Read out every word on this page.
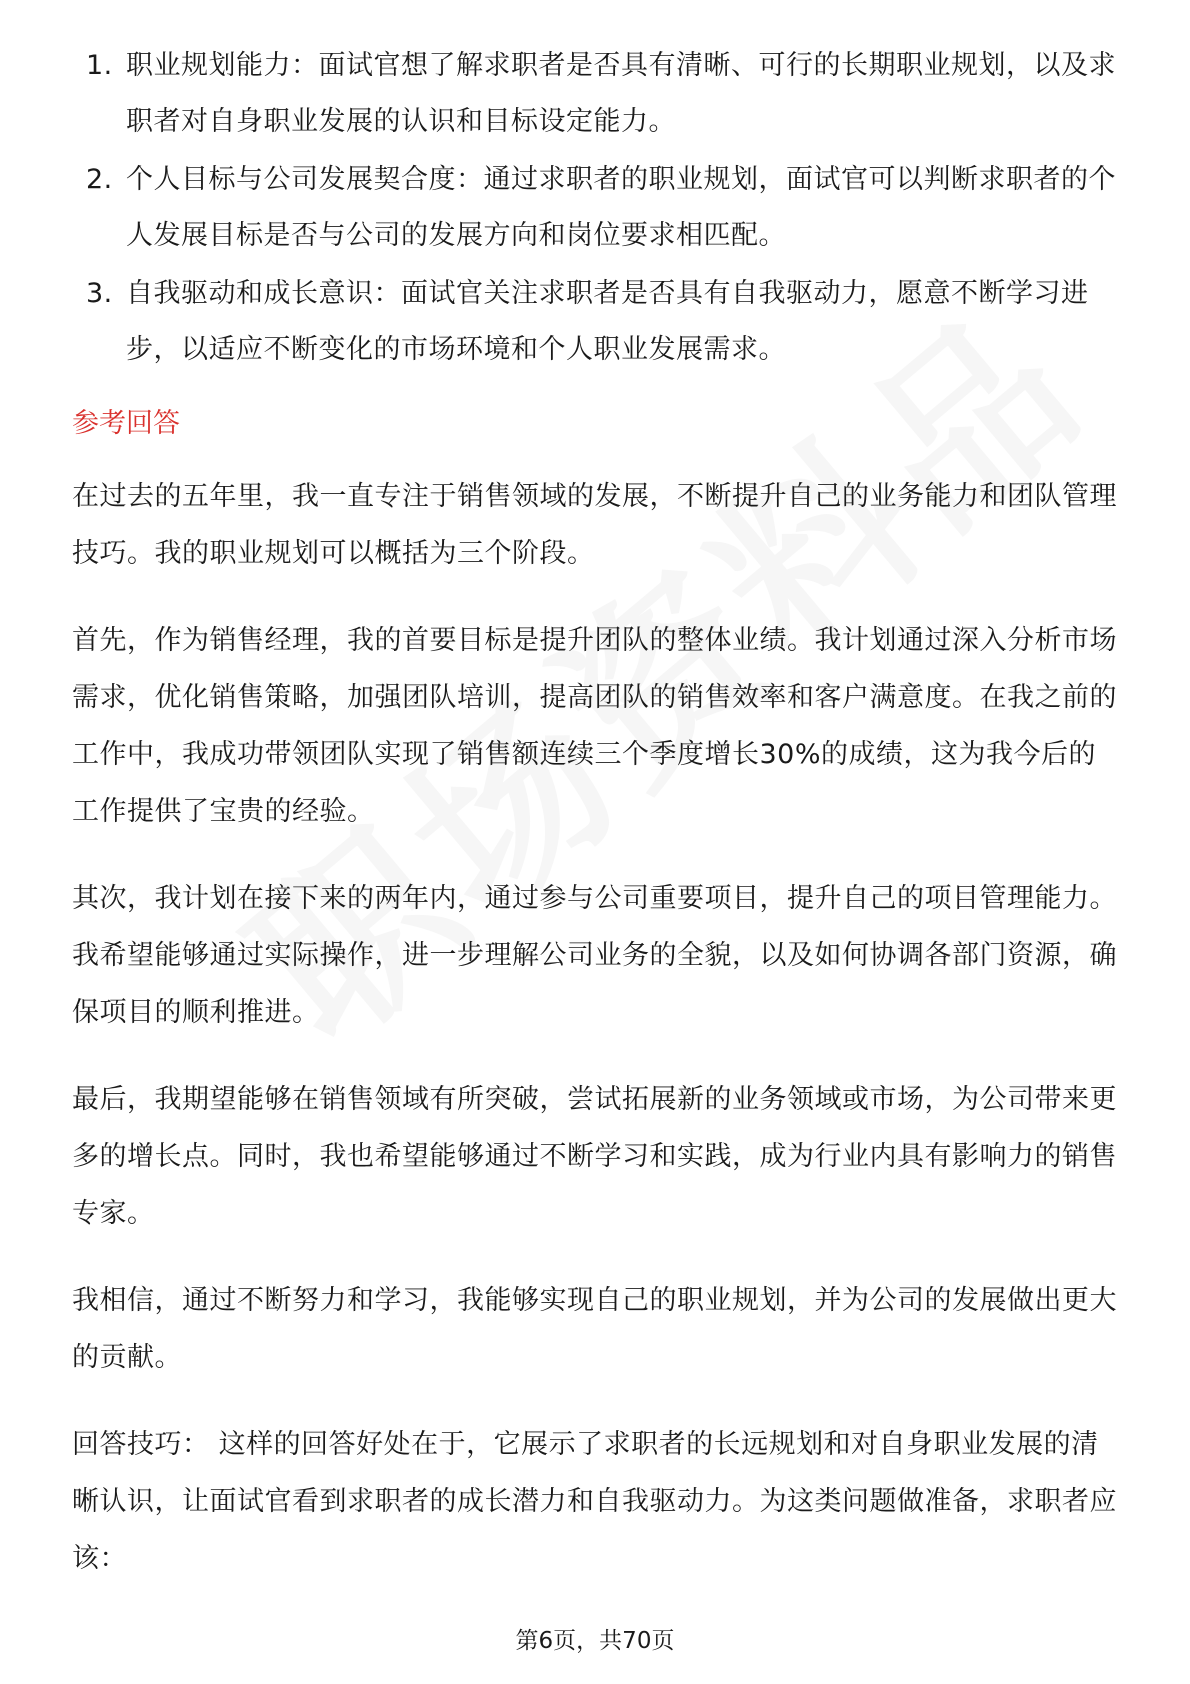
1. 职业规划能力：面试官想了解求职者是否具有清晰、可行的长期职业规划，以及求职者对自身职业发展的认识和目标设定能力。
2. 个人目标与公司发展契合度：通过求职者的职业规划，面试官可以判断求职者的个人发展目标是否与公司的发展方向和岗位要求相匹配。
3. 自我驱动和成长意识：面试官关注求职者是否具有自我驱动力，愿意不断学习进步，以适应不断变化的市场环境和个人职业发展需求。
参考回答

在过去的五年里，我一直专注于销售领域的发展，不断提升自己的业务能力和团队管理技巧。我的职业规划可以概括为三个阶段。

首先，作为销售经理，我的首要目标是提升团队的整体业绩。我计划通过深入分析市场需求，优化销售策略，加强团队培训，提高团队的销售效率和客户满意度。在我之前的工作中，我成功带领团队实现了销售额连续三个季度增长30%的成绩，这为我今后的工作提供了宝贵的经验。

其次，我计划在接下来的两年内，通过参与公司重要项目，提升自己的项目管理能力。我希望能够通过实际操作，进一步理解公司业务的全貌，以及如何协调各部门资源，确保项目的顺利推进。

最后，我期望能够在销售领域有所突破，尝试拓展新的业务领域或市场，为公司带来更多的增长点。同时，我也希望能够通过不断学习和实践，成为行业内具有影响力的销售专家。

我相信，通过不断努力和学习，我能够实现自己的职业规划，并为公司的发展做出更大的贡献。

回答技巧： 这样的回答好处在于，它展示了求职者的长远规划和对自身职业发展的清晰认识，让面试官看到求职者的成长潜力和自我驱动力。为这类问题做准备，求职者应该：

第6页，共70页
